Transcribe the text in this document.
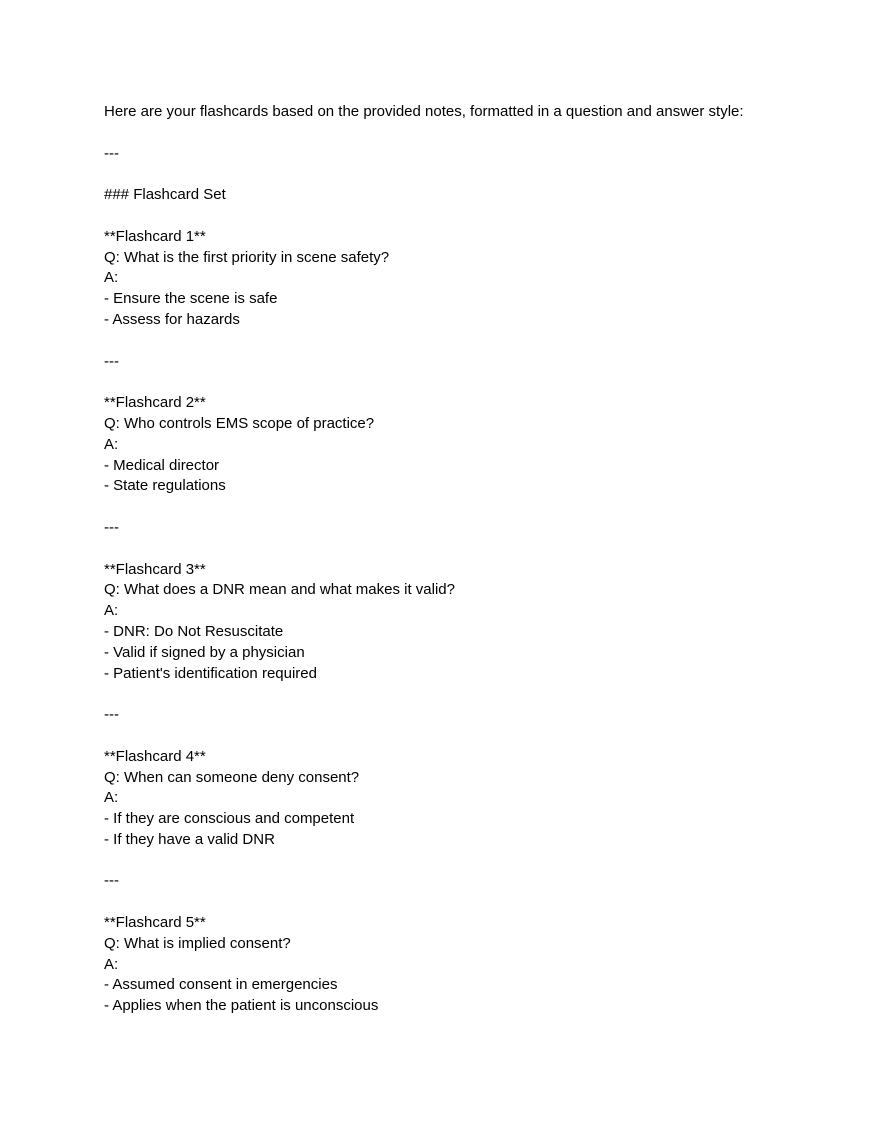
Here are your flashcards based on the provided notes, formatted in a question and answer style:
---
### Flashcard Set
**Flashcard 1**
Q: What is the first priority in scene safety?
A:
- Ensure the scene is safe
- Assess for hazards
---
**Flashcard 2**
Q: Who controls EMS scope of practice?
A:
- Medical director
- State regulations
---
**Flashcard 3**
Q: What does a DNR mean and what makes it valid?
A:
- DNR: Do Not Resuscitate
- Valid if signed by a physician
- Patient's identification required
---
**Flashcard 4**
Q: When can someone deny consent?
A:
- If they are conscious and competent
- If they have a valid DNR
---
**Flashcard 5**
Q: What is implied consent?
A:
- Assumed consent in emergencies
- Applies when the patient is unconscious
